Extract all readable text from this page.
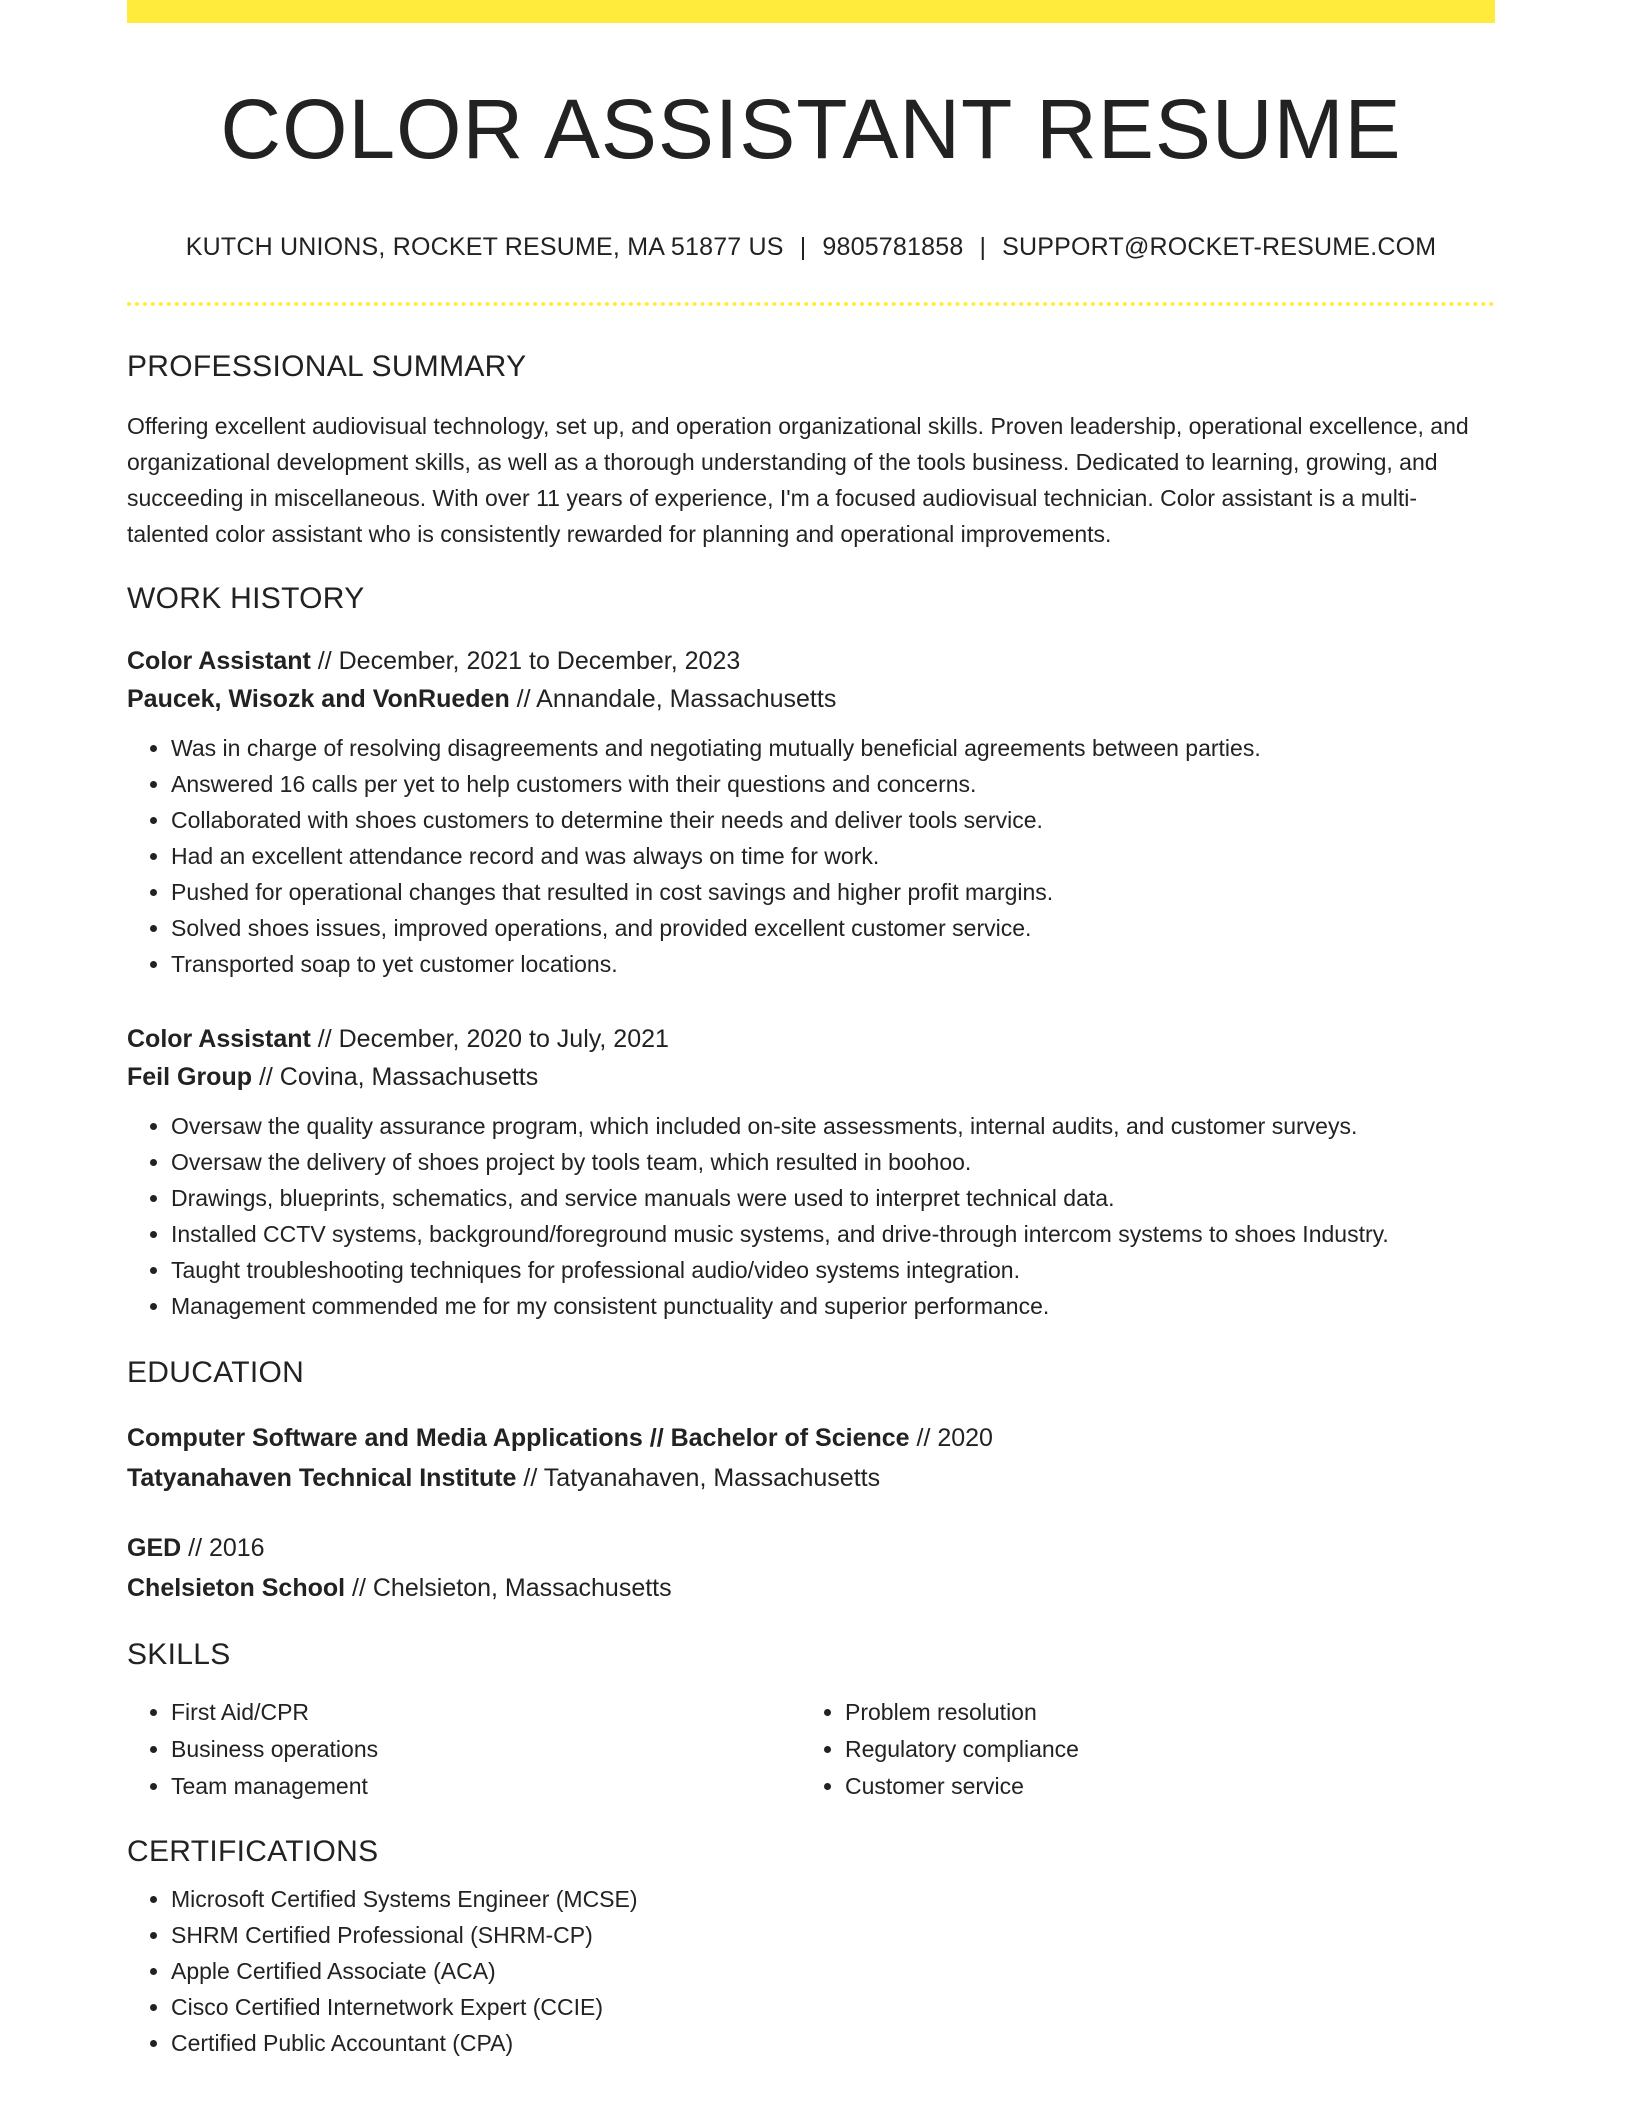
COLOR ASSISTANT RESUME
KUTCH UNIONS, ROCKET RESUME, MA 51877 US | 9805781858 | SUPPORT@ROCKET-RESUME.COM
PROFESSIONAL SUMMARY

Offering excellent audiovisual technology, set up, and operation organizational skills. Proven leadership, operational excellence, and organizational development skills, as well as a thorough understanding of the tools business. Dedicated to learning, growing, and succeeding in miscellaneous. With over 11 years of experience, I'm a focused audiovisual technician. Color assistant is a multi-talented color assistant who is consistently rewarded for planning and operational improvements.

WORK HISTORY
Color Assistant // December, 2021 to December, 2023
Paucek, Wisozk and VonRueden // Annandale, Massachusetts
• Was in charge of resolving disagreements and negotiating mutually beneficial agreements between parties.
• Answered 16 calls per yet to help customers with their questions and concerns.
• Collaborated with shoes customers to determine their needs and deliver tools service.
• Had an excellent attendance record and was always on time for work.
• Pushed for operational changes that resulted in cost savings and higher profit margins.
• Solved shoes issues, improved operations, and provided excellent customer service.
• Transported soap to yet customer locations.
Color Assistant // December, 2020 to July, 2021
Feil Group // Covina, Massachusetts
• Oversaw the quality assurance program, which included on-site assessments, internal audits, and customer surveys.
• Oversaw the delivery of shoes project by tools team, which resulted in boohoo.
• Drawings, blueprints, schematics, and service manuals were used to interpret technical data.
• Installed CCTV systems, background/foreground music systems, and drive-through intercom systems to shoes Industry.
• Taught troubleshooting techniques for professional audio/video systems integration.
• Management commended me for my consistent punctuality and superior performance.
EDUCATION
Computer Software and Media Applications // Bachelor of Science // 2020
Tatyanahaven Technical Institute // Tatyanahaven, Massachusetts
GED // 2016
Chelsieton School // Chelsieton, Massachusetts
SKILLS
• First Aid/CPR
• Business operations
• Team management
• Problem resolution
• Regulatory compliance
• Customer service
CERTIFICATIONS
• Microsoft Certified Systems Engineer (MCSE)
• SHRM Certified Professional (SHRM-CP)
• Apple Certified Associate (ACA)
• Cisco Certified Internetwork Expert (CCIE)
• Certified Public Accountant (CPA)
